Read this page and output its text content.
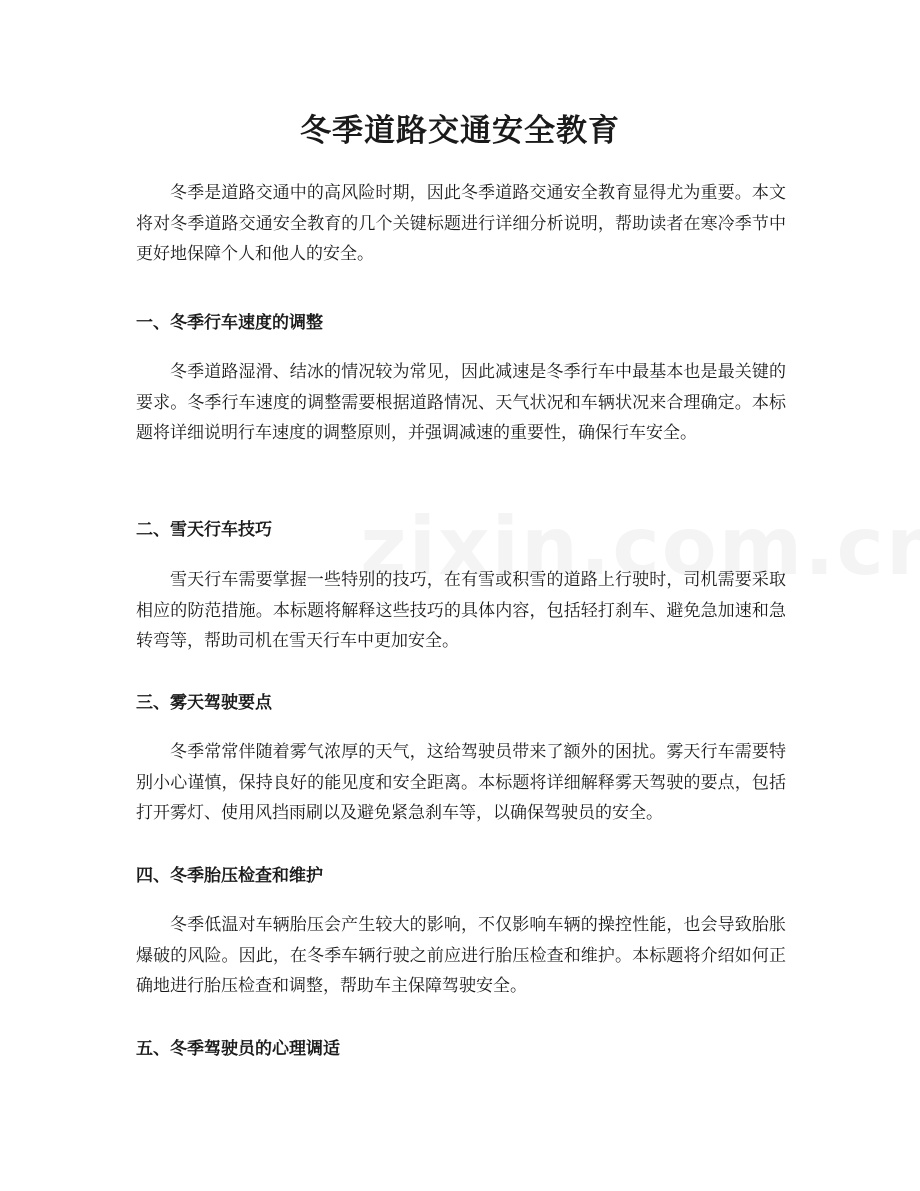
冬季道路交通安全教育

冬季是道路交通中的高风险时期，因此冬季道路交通安全教育显得尤为重要。本文将对冬季道路交通安全教育的几个关键标题进行详细分析说明，帮助读者在寒冷季节中更好地保障个人和他人的安全。

一、冬季行车速度的调整

冬季道路湿滑、结冰的情况较为常见，因此减速是冬季行车中最基本也是最关键的要求。冬季行车速度的调整需要根据道路情况、天气状况和车辆状况来合理确定。本标题将详细说明行车速度的调整原则，并强调减速的重要性，确保行车安全。

二、雪天行车技巧

雪天行车需要掌握一些特别的技巧，在有雪或积雪的道路上行驶时，司机需要采取相应的防范措施。本标题将解释这些技巧的具体内容，包括轻打刹车、避免急加速和急转弯等，帮助司机在雪天行车中更加安全。

三、雾天驾驶要点

冬季常常伴随着雾气浓厚的天气，这给驾驶员带来了额外的困扰。雾天行车需要特别小心谨慎，保持良好的能见度和安全距离。本标题将详细解释雾天驾驶的要点，包括打开雾灯、使用风挡雨刷以及避免紧急刹车等，以确保驾驶员的安全。

四、冬季胎压检查和维护

冬季低温对车辆胎压会产生较大的影响，不仅影响车辆的操控性能，也会导致胎胀爆破的风险。因此，在冬季车辆行驶之前应进行胎压检查和维护。本标题将介绍如何正确地进行胎压检查和调整，帮助车主保障驾驶安全。

五、冬季驾驶员的心理调适
